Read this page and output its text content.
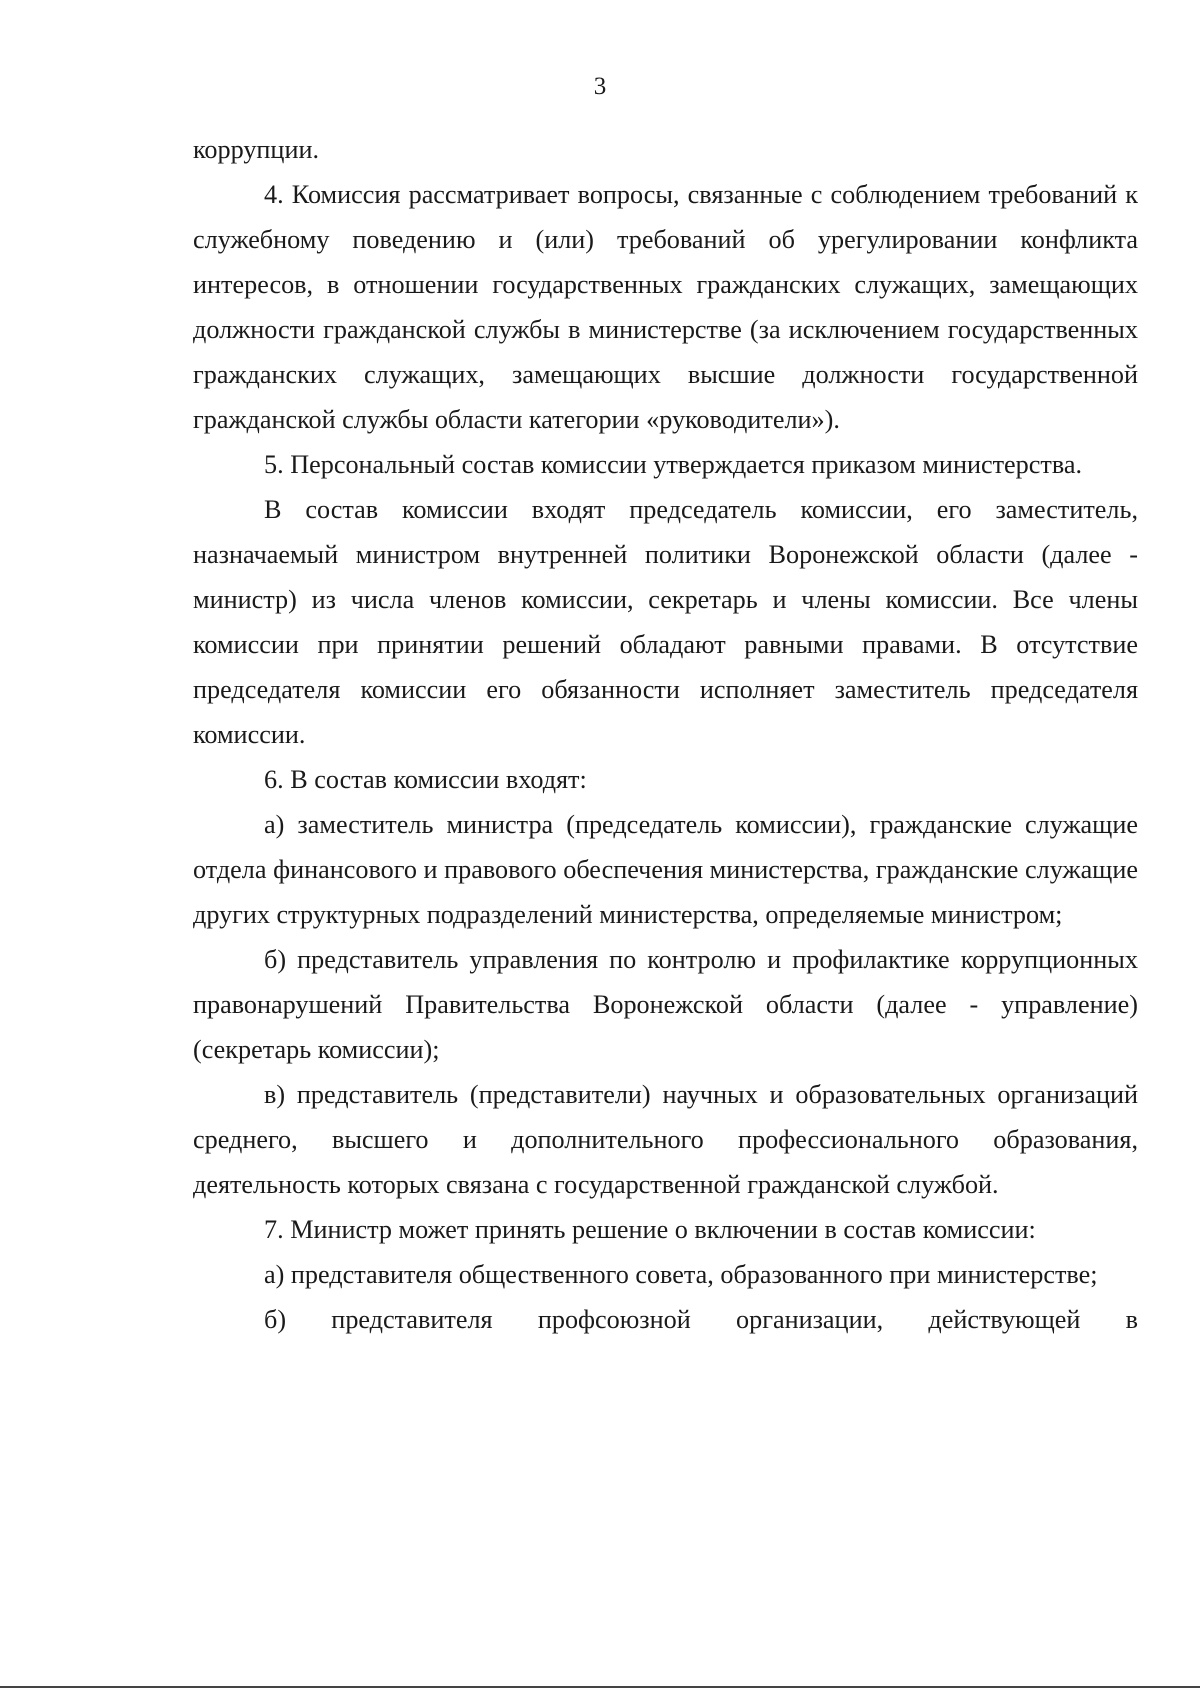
3

коррупции.

4. Комиссия рассматривает вопросы, связанные с соблюдением требований к служебному поведению и (или) требований об урегулировании конфликта интересов, в отношении государственных гражданских служащих, замещающих должности гражданской службы в министерстве (за исключением государственных гражданских служащих, замещающих высшие должности государственной гражданской службы области категории «руководители»).

5. Персональный состав комиссии утверждается приказом министерства.

В состав комиссии входят председатель комиссии, его заместитель, назначаемый министром внутренней политики Воронежской области (далее - министр) из числа членов комиссии, секретарь и члены комиссии. Все члены комиссии при принятии решений обладают равными правами. В отсутствие председателя комиссии его обязанности исполняет заместитель председателя комиссии.

6. В состав комиссии входят:

а) заместитель министра (председатель комиссии), гражданские служащие отдела финансового и правового обеспечения министерства, гражданские служащие других структурных подразделений министерства, определяемые министром;

б) представитель управления по контролю и профилактике коррупционных правонарушений Правительства Воронежской области (далее - управление) (секретарь комиссии);

в) представитель (представители) научных и образовательных организаций среднего, высшего и дополнительного профессионального образования, деятельность которых связана с государственной гражданской службой.

7. Министр может принять решение о включении в состав комиссии:

а) представителя общественного совета, образованного при министерстве;

б) представителя профсоюзной организации, действующей в
